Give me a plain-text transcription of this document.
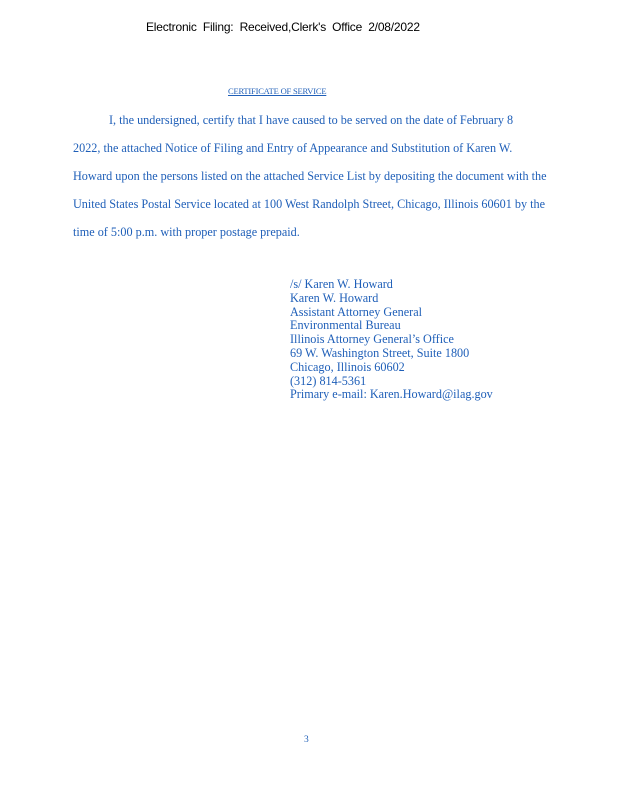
Electronic Filing: Received,Clerk's Office 2/08/2022
CERTIFICATE OF SERVICE
I, the undersigned, certify that I have caused to be served on the date of February 8
2022, the attached Notice of Filing and Entry of Appearance and Substitution of Karen W.
Howard upon the persons listed on the attached Service List by depositing the document with the
United States Postal Service located at 100 West Randolph Street, Chicago, Illinois 60601 by the
time of 5:00 p.m. with proper postage prepaid.
/s/ Karen W. Howard
Karen W. Howard
Assistant Attorney General
Environmental Bureau
Illinois Attorney General’s Office
69 W. Washington Street, Suite 1800
Chicago, Illinois 60602
(312) 814-5361
Primary e-mail: Karen.Howard@ilag.gov
3
